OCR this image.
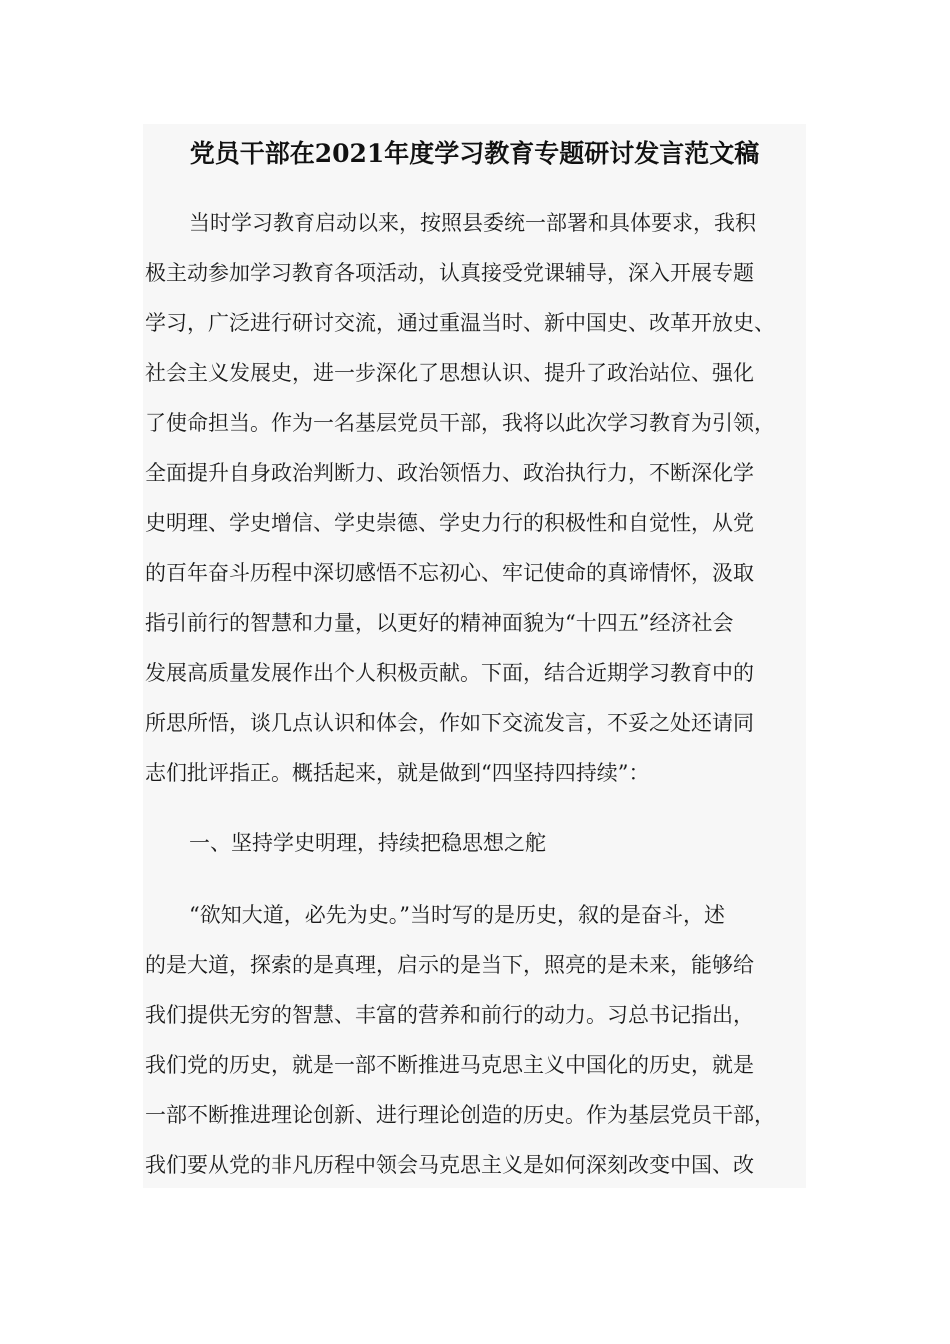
党员干部在2021年度学习教育专题研讨发言范文稿
当时学习教育启动以来，按照县委统一部署和具体要求，我积
极主动参加学习教育各项活动，认真接受党课辅导，深入开展专题
学习，广泛进行研讨交流，通过重温当时、新中国史、改革开放史、
社会主义发展史，进一步深化了思想认识、提升了政治站位、强化
了使命担当。作为一名基层党员干部，我将以此次学习教育为引领，
全面提升自身政治判断力、政治领悟力、政治执行力，不断深化学
史明理、学史增信、学史崇德、学史力行的积极性和自觉性，从党
的百年奋斗历程中深切感悟不忘初心、牢记使命的真谛情怀，汲取
指引前行的智慧和力量，以更好的精神面貌为“十四五”经济社会
发展高质量发展作出个人积极贡献。下面，结合近期学习教育中的
所思所悟，谈几点认识和体会，作如下交流发言，不妥之处还请同
志们批评指正。概括起来，就是做到“四坚持四持续”：
一、坚持学史明理，持续把稳思想之舵
“欲知大道，必先为史。”当时写的是历史，叙的是奋斗，述
的是大道，探索的是真理，启示的是当下，照亮的是未来，能够给
我们提供无穷的智慧、丰富的营养和前行的动力。习总书记指出，
我们党的历史，就是一部不断推进马克思主义中国化的历史，就是
一部不断推进理论创新、进行理论创造的历史。作为基层党员干部，
我们要从党的非凡历程中领会马克思主义是如何深刻改变中国、改
